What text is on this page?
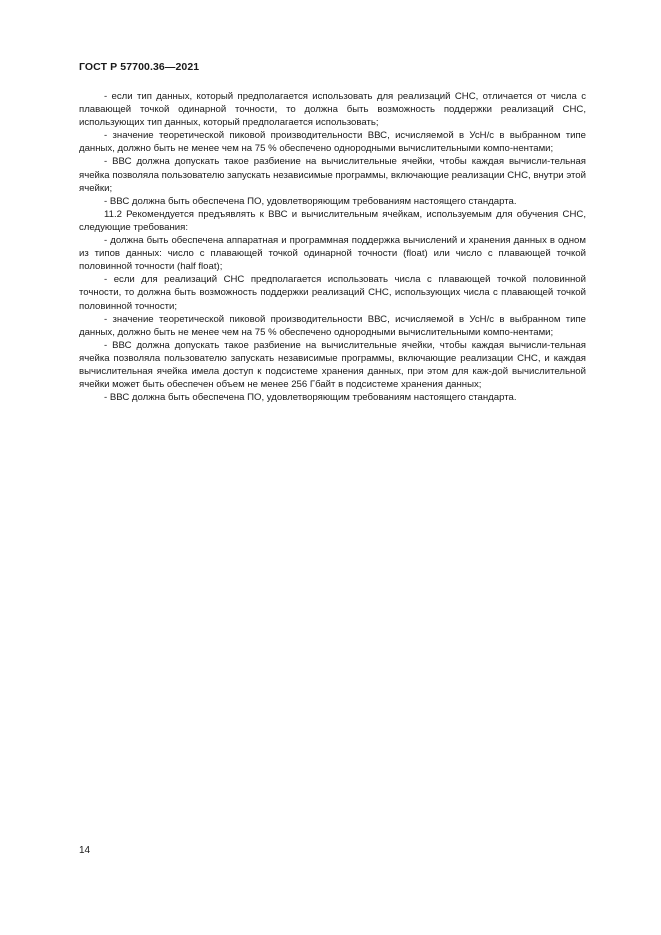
ГОСТ Р 57700.36—2021

- если тип данных, который предполагается использовать для реализаций СНС, отличается от числа с плавающей точкой одинарной точности, то должна быть возможность поддержки реализаций СНС, использующих тип данных, который предполагается использовать;

- значение теоретической пиковой производительности ВВС, исчисляемой в УсН/с в выбранном типе данных, должно быть не менее чем на 75 % обеспечено однородными вычислительными компо-нентами;

- ВВС должна допускать такое разбиение на вычислительные ячейки, чтобы каждая вычисли-тельная ячейка позволяла пользователю запускать независимые программы, включающие реализации СНС, внутри этой ячейки;

- ВВС должна быть обеспечена ПО, удовлетворяющим требованиям настоящего стандарта.

11.2 Рекомендуется предъявлять к ВВС и вычислительным ячейкам, используемым для обучения СНС, следующие требования:

- должна быть обеспечена аппаратная и программная поддержка вычислений и хранения данных в одном из типов данных: число с плавающей точкой одинарной точности (float) или число с плавающей точкой половинной точности (half float);

- если для реализаций СНС предполагается использовать числа с плавающей точкой половинной точности, то должна быть возможность поддержки реализаций СНС, использующих числа с плавающей точкой половинной точности;

- значение теоретической пиковой производительности ВВС, исчисляемой в УсН/с в выбранном типе данных, должно быть не менее чем на 75 % обеспечено однородными вычислительными компо-нентами;

- ВВС должна допускать такое разбиение на вычислительные ячейки, чтобы каждая вычисли-тельная ячейка позволяла пользователю запускать независимые программы, включающие реализации СНС, и каждая вычислительная ячейка имела доступ к подсистеме хранения данных, при этом для каж-дой вычислительной ячейки может быть обеспечен объем не менее 256 Гбайт в подсистеме хранения данных;

- ВВС должна быть обеспечена ПО, удовлетворяющим требованиям настоящего стандарта.

14
